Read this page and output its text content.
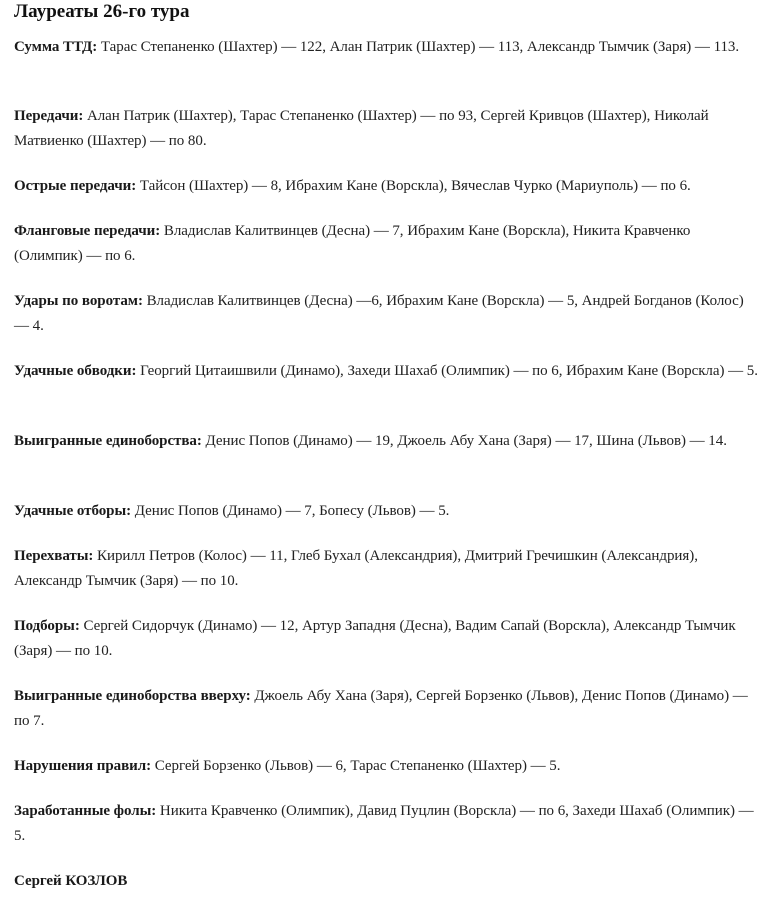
Лауреаты 26-го тура

Сумма ТТД: Тарас Степаненко (Шахтер) — 122, Алан Патрик (Шахтер) — 113, Александр Тымчик (Заря) — 113.

Передачи: Алан Патрик (Шахтер), Тарас Степаненко (Шахтер) — по 93, Сергей Кривцов (Шахтер), Николай Матвиенко (Шахтер) — по 80.

Острые передачи: Тайсон (Шахтер) — 8, Ибрахим Кане (Ворскла), Вячеслав Чурко (Мариуполь) — по 6.

Фланговые передачи: Владислав Калитвинцев (Десна) — 7, Ибрахим Кане (Ворскла), Никита Кравченко (Олимпик) — по 6.

Удары по воротам: Владислав Калитвинцев (Десна) —6, Ибрахим Кане (Ворскла) — 5, Андрей Богданов (Колос) — 4.

Удачные обводки: Георгий Цитаишвили (Динамо), Захеди Шахаб (Олимпик) — по 6, Ибрахим Кане (Ворскла) — 5.

Выигранные единоборства: Денис Попов (Динамо) — 19, Джоель Абу Хана (Заря) — 17, Шина (Львов) — 14.

Удачные отборы: Денис Попов (Динамо) — 7, Бопесу (Львов) — 5.

Перехваты: Кирилл Петров (Колос) — 11, Глеб Бухал (Александрия), Дмитрий Гречишкин (Александрия), Александр Тымчик (Заря) — по 10.

Подборы: Сергей Сидорчук (Динамо) — 12, Артур Западня (Десна), Вадим Сапай (Ворскла), Александр Тымчик (Заря) — по 10.

Выигранные единоборства вверху: Джоель Абу Хана (Заря), Сергей Борзенко (Львов), Денис Попов (Динамо) — по 7.

Нарушения правил: Сергей Борзенко (Львов) — 6, Тарас Степаненко (Шахтер) — 5.

Заработанные фолы: Никита Кравченко (Олимпик), Давид Пуцлин (Ворскла) — по 6, Захеди Шахаб (Олимпик) — 5.

Сергей КОЗЛОВ
